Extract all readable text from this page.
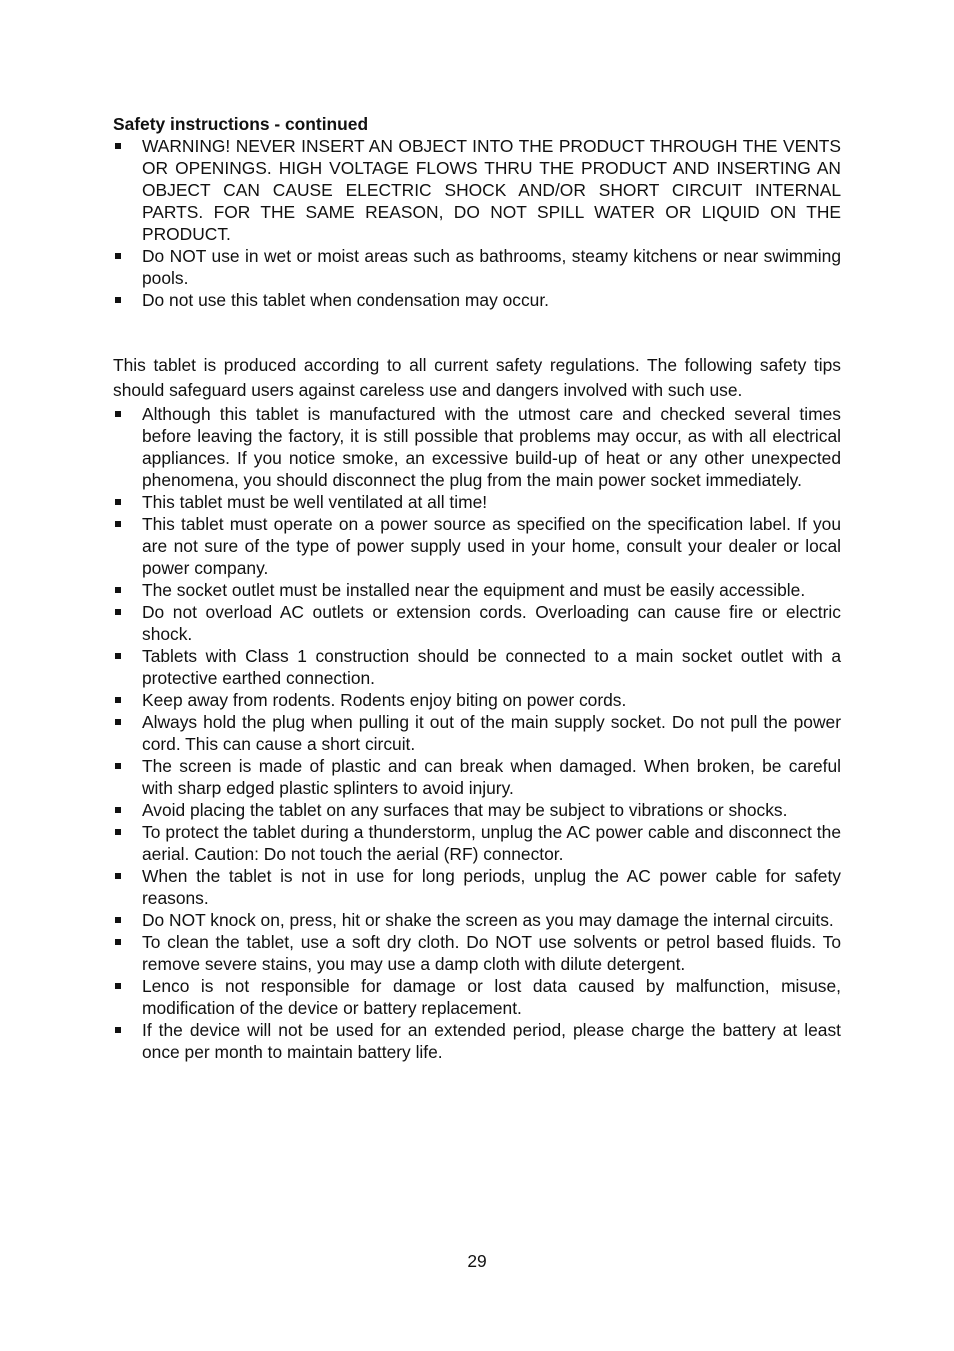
Safety instructions - continued

WARNING! NEVER INSERT AN OBJECT INTO THE PRODUCT THROUGH THE VENTS OR OPENINGS. HIGH VOLTAGE FLOWS THRU THE PRODUCT AND INSERTING AN OBJECT CAN CAUSE ELECTRIC SHOCK AND/OR SHORT CIRCUIT INTERNAL PARTS. FOR THE SAME REASON, DO NOT SPILL WATER OR LIQUID ON THE PRODUCT.
Do NOT use in wet or moist areas such as bathrooms, steamy kitchens or near swimming pools.
Do not use this tablet when condensation may occur.

This tablet is produced according to all current safety regulations. The following safety tips should safeguard users against careless use and dangers involved with such use.

Although this tablet is manufactured with the utmost care and checked several times before leaving the factory, it is still possible that problems may occur, as with all electrical appliances. If you notice smoke, an excessive build-up of heat or any other unexpected phenomena, you should disconnect the plug from the main power socket immediately.
This tablet must be well ventilated at all time!
This tablet must operate on a power source as specified on the specification label. If you are not sure of the type of power supply used in your home, consult your dealer or local power company.
The socket outlet must be installed near the equipment and must be easily accessible.
Do not overload AC outlets or extension cords. Overloading can cause fire or electric shock.
Tablets with Class 1 construction should be connected to a main socket outlet with a protective earthed connection.
Keep away from rodents. Rodents enjoy biting on power cords.
Always hold the plug when pulling it out of the main supply socket. Do not pull the power cord. This can cause a short circuit.
The screen is made of plastic and can break when damaged. When broken, be careful with sharp edged plastic splinters to avoid injury.
Avoid placing the tablet on any surfaces that may be subject to vibrations or shocks.
To protect the tablet during a thunderstorm, unplug the AC power cable and disconnect the aerial. Caution: Do not touch the aerial (RF) connector.
When the tablet is not in use for long periods, unplug the AC power cable for safety reasons.
Do NOT knock on, press, hit or shake the screen as you may damage the internal circuits.
To clean the tablet, use a soft dry cloth. Do NOT use solvents or petrol based fluids. To remove severe stains, you may use a damp cloth with dilute detergent.
Lenco is not responsible for damage or lost data caused by malfunction, misuse, modification of the device or battery replacement.
If the device will not be used for an extended period, please charge the battery at least once per month to maintain battery life.
29
